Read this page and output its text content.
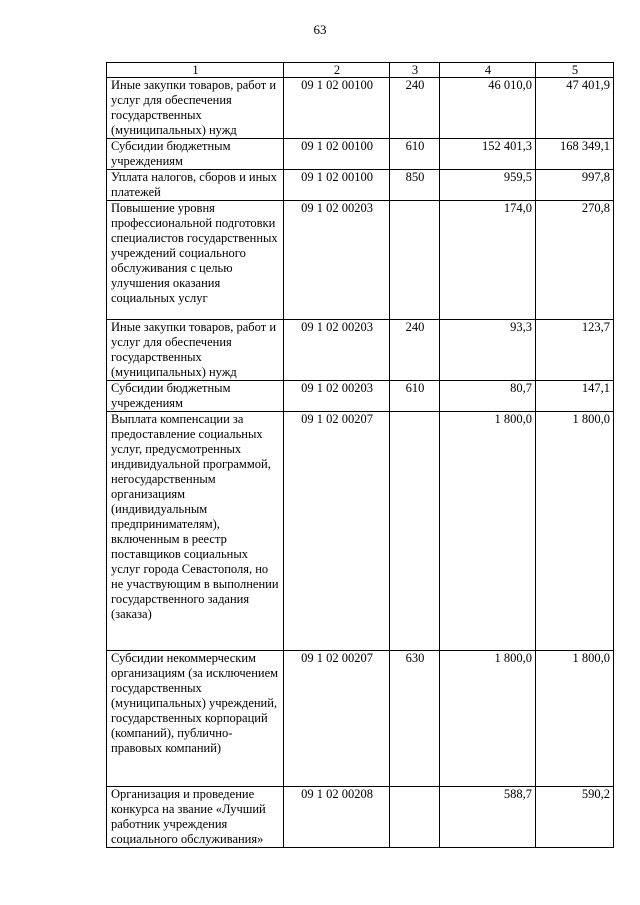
63
1	2	3	4	5
Иные закупки товаров, работ и услуг для обеспечения государственных (муниципальных) нужд	09 1 02 00100	240	46 010,0	47 401,9
Субсидии бюджетным учреждениям	09 1 02 00100	610	152 401,3	168 349,1
Уплата налогов, сборов и иных платежей	09 1 02 00100	850	959,5	997,8
Повышение уровня профессиональной подготовки специалистов государственных учреждений социального обслуживания с целью улучшения оказания социальных услуг	09 1 02 00203		174,0	270,8
Иные закупки товаров, работ и услуг для обеспечения государственных (муниципальных) нужд	09 1 02 00203	240	93,3	123,7
Субсидии бюджетным учреждениям	09 1 02 00203	610	80,7	147,1
Выплата компенсации за предоставление социальных услуг, предусмотренных индивидуальной программой, негосударственным организациям (индивидуальным предпринимателям), включенным в реестр поставщиков социальных услуг города Севастополя, но не участвующим в выполнении государственного задания (заказа)	09 1 02 00207		1 800,0	1 800,0
Субсидии некоммерческим организациям (за исключением государственных (муниципальных) учреждений, государственных корпораций (компаний), публично-правовых компаний)	09 1 02 00207	630	1 800,0	1 800,0
Организация и проведение конкурса на звание «Лучший работник учреждения социального обслуживания»	09 1 02 00208		588,7	590,2
